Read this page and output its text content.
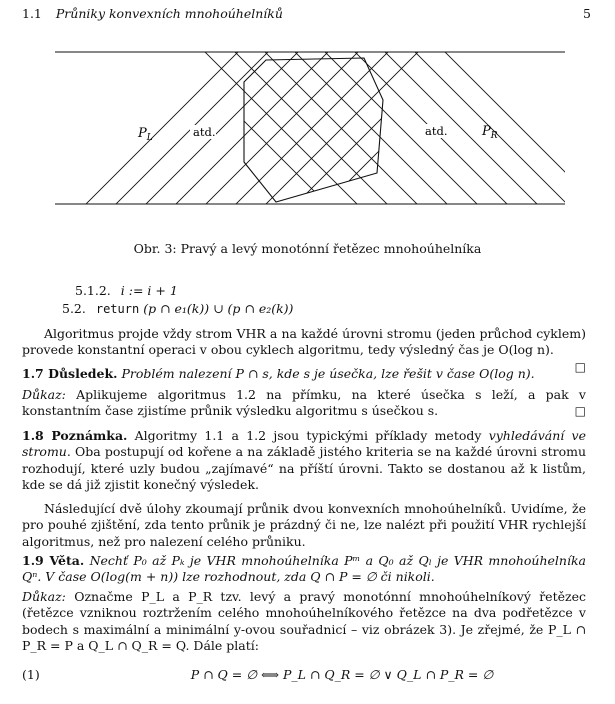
1.1 Průniky konvexních mnohoúhelníků	5
$P_L$	$P_R$
atd.	atd.
Obr. 3: Pravý a levý monotónní řetězec mnohoúhelníka
5.1.2. i := i + 1
5.2. return (p ∩ e₁(k)) ∪ (p ∩ e₂(k))
Algoritmus projde vždy strom VHR a na každé úrovni stromu (jeden průchod cyklem) provede konstantní operaci v obou cyklech algoritmu, tedy výsledný čas je O(log n).
□
1.7 Důsledek. Problém nalezení P ∩ s, kde s je úsečka, lze řešit v čase O(log n).
Důkaz: Aplikujeme algoritmus 1.2 na přímku, na které úsečka s leží, a pak v konstantním čase zjistíme průnik výsledku algoritmu s úsečkou s.	□
1.8 Poznámka. Algoritmy 1.1 a 1.2 jsou typickými příklady metody vyhledávání ve stromu. Oba postupují od kořene a na základě jistého kriteria se na každé úrovni stromu rozhodují, které uzly budou „zajímavé“ na příští úrovni. Takto se dostanou až k listům, kde se dá již zjistit konečný výsledek.
Následující dvě úlohy zkoumají průnik dvou konvexních mnohoúhelníků. Uvidíme, že pro pouhé zjištění, zda tento průnik je prázdný či ne, lze nalézt při použití VHR rychlejší algoritmus, než pro nalezení celého průniku.
1.9 Věta. Nechť P₀ až Pₖ je VHR mnohoúhelníka Pᵐ a Q₀ až Qₗ je VHR mnohoúhelníka Qⁿ. V čase O(log(m + n)) lze rozhodnout, zda Q ∩ P = ∅ či nikoli.
Důkaz: Označme P_L a P_R tzv. levý a pravý monotónní mnohoúhelníkový řetězec (řetězce vzniknou roztržením celého mnohoúhelníkového řetězce na dva podřetězce v bodech s maximální a minimální y-ovou souřadnicí – viz obrázek 3). Je zřejmé, že P_L ∩ P_R = P a Q_L ∩ Q_R = Q. Dále platí:
(1)	P ∩ Q = ∅ ⟺ P_L ∩ Q_R = ∅ ∨ Q_L ∩ P_R = ∅
